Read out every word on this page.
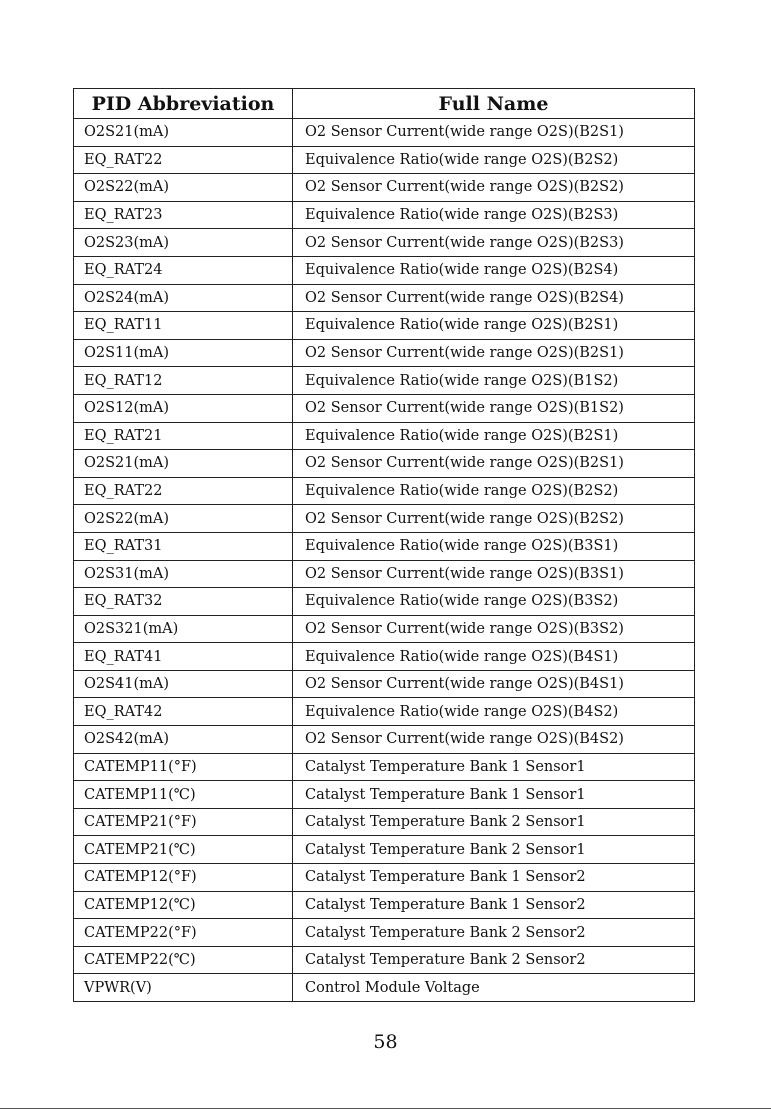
PID Abbreviation	Full Name
O2S21(mA)	O2 Sensor Current(wide range O2S)(B2S1)
EQ_RAT22	Equivalence Ratio(wide range O2S)(B2S2)
O2S22(mA)	O2 Sensor Current(wide range O2S)(B2S2)
EQ_RAT23	Equivalence Ratio(wide range O2S)(B2S3)
O2S23(mA)	O2 Sensor Current(wide range O2S)(B2S3)
EQ_RAT24	Equivalence Ratio(wide range O2S)(B2S4)
O2S24(mA)	O2 Sensor Current(wide range O2S)(B2S4)
EQ_RAT11	Equivalence Ratio(wide range O2S)(B2S1)
O2S11(mA)	O2 Sensor Current(wide range O2S)(B2S1)
EQ_RAT12	Equivalence Ratio(wide range O2S)(B1S2)
O2S12(mA)	O2 Sensor Current(wide range O2S)(B1S2)
EQ_RAT21	Equivalence Ratio(wide range O2S)(B2S1)
O2S21(mA)	O2 Sensor Current(wide range O2S)(B2S1)
EQ_RAT22	Equivalence Ratio(wide range O2S)(B2S2)
O2S22(mA)	O2 Sensor Current(wide range O2S)(B2S2)
EQ_RAT31	Equivalence Ratio(wide range O2S)(B3S1)
O2S31(mA)	O2 Sensor Current(wide range O2S)(B3S1)
EQ_RAT32	Equivalence Ratio(wide range O2S)(B3S2)
O2S321(mA)	O2 Sensor Current(wide range O2S)(B3S2)
EQ_RAT41	Equivalence Ratio(wide range O2S)(B4S1)
O2S41(mA)	O2 Sensor Current(wide range O2S)(B4S1)
EQ_RAT42	Equivalence Ratio(wide range O2S)(B4S2)
O2S42(mA)	O2 Sensor Current(wide range O2S)(B4S2)
CATEMP11(°F)	Catalyst Temperature Bank 1 Sensor1
CATEMP11(℃)	Catalyst Temperature Bank 1 Sensor1
CATEMP21(°F)	Catalyst Temperature Bank 2 Sensor1
CATEMP21(℃)	Catalyst Temperature Bank 2 Sensor1
CATEMP12(°F)	Catalyst Temperature Bank 1 Sensor2
CATEMP12(℃)	Catalyst Temperature Bank 1 Sensor2
CATEMP22(°F)	Catalyst Temperature Bank 2 Sensor2
CATEMP22(℃)	Catalyst Temperature Bank 2 Sensor2
VPWR(V)	Control Module Voltage
58
